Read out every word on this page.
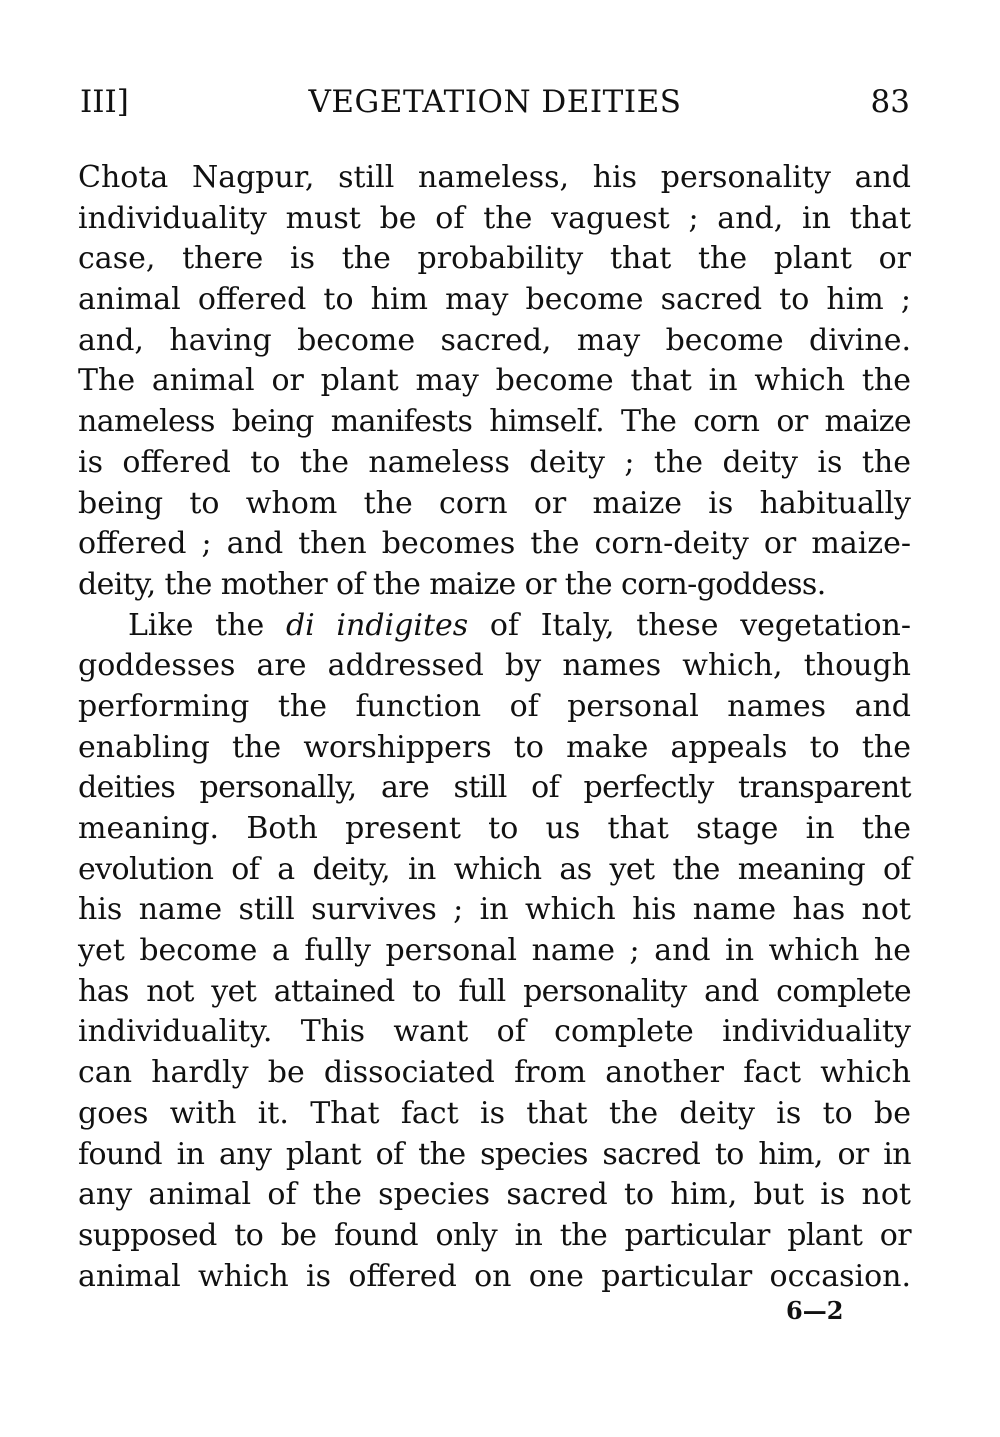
III]	VEGETATION DEITIES	83
Chota Nagpur, still nameless, his personality and
individuality must be of the vaguest ; and, in that
case, there is the probability that the plant or
animal offered to him may become sacred to him ;
and, having become sacred, may become divine.
The animal or plant may become that in which the
nameless being manifests himself. The corn or maize
is offered to the nameless deity ; the deity is the
being to whom the corn or maize is habitually
offered ; and then becomes the corn-deity or maize-
deity, the mother of the maize or the corn-goddess.
Like the di indigites of Italy, these vegetation-
goddesses are addressed by names which, though
performing the function of personal names and
enabling the worshippers to make appeals to the
deities personally, are still of perfectly transparent
meaning. Both present to us that stage in the
evolution of a deity, in which as yet the meaning of
his name still survives ; in which his name has not
yet become a fully personal name ; and in which he
has not yet attained to full personality and complete
individuality. This want of complete individuality
can hardly be dissociated from another fact which
goes with it. That fact is that the deity is to be
found in any plant of the species sacred to him, or in
any animal of the species sacred to him, but is not
supposed to be found only in the particular plant or
animal which is offered on one particular occasion.
6—2
